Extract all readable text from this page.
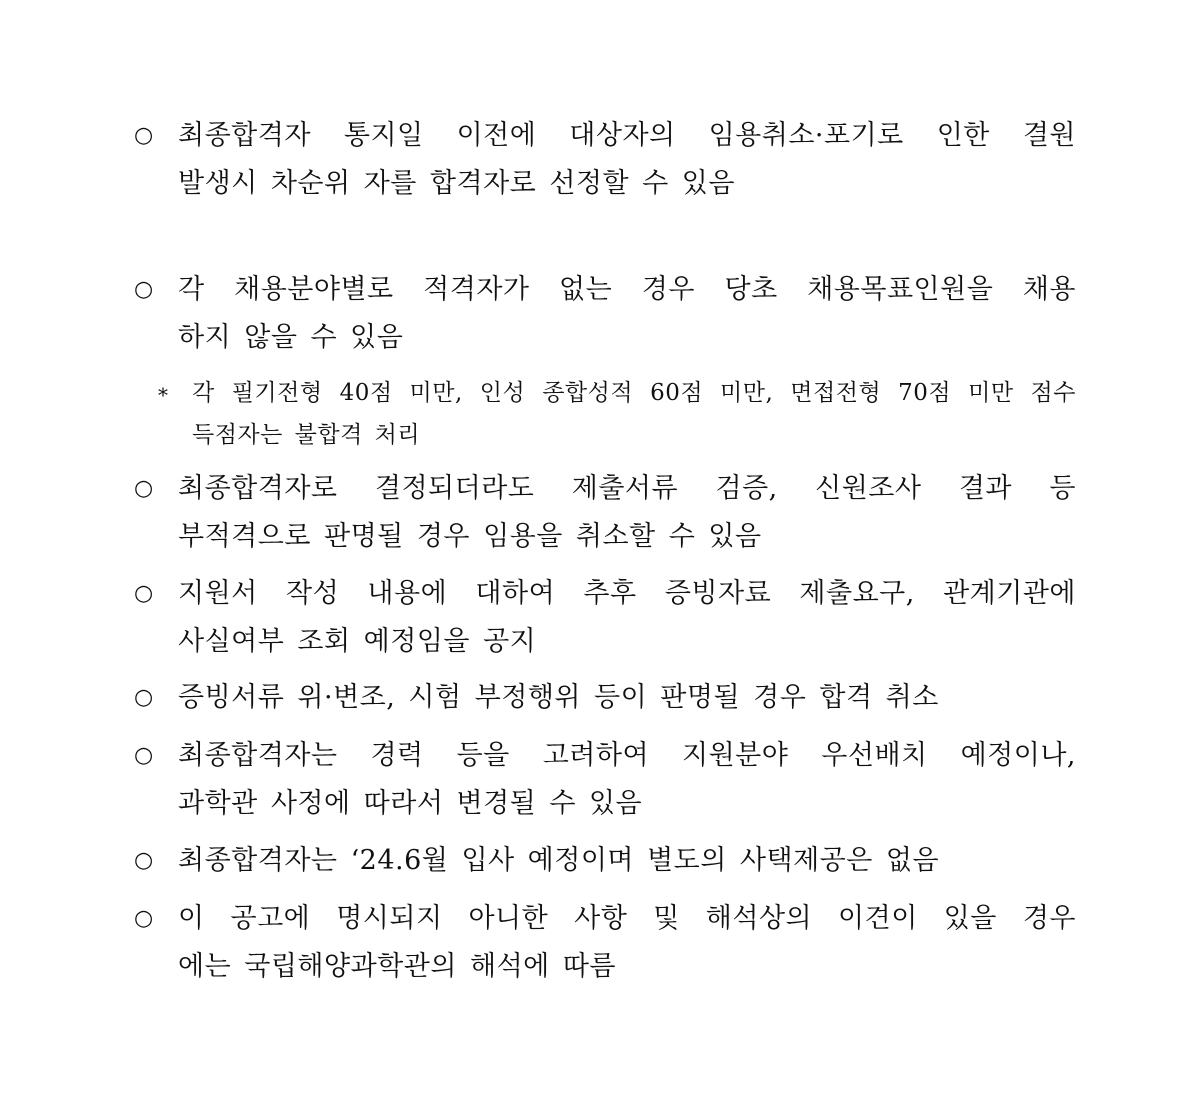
○ 최종합격자 통지일 이전에 대상자의 임용취소·포기로 인한 결원
발생시 차순위 자를 합격자로 선정할 수 있음
○ 각 채용분야별로 적격자가 없는 경우 당초 채용목표인원을 채용
하지 않을 수 있음
* 각 필기전형 40점 미만, 인성 종합성적 60점 미만, 면접전형 70점 미만 점수
득점자는 불합격 처리
○ 최종합격자로 결정되더라도 제출서류 검증, 신원조사 결과 등
부적격으로 판명될 경우 임용을 취소할 수 있음
○ 지원서 작성 내용에 대하여 추후 증빙자료 제출요구, 관계기관에
사실여부 조회 예정임을 공지
○ 증빙서류 위·변조, 시험 부정행위 등이 판명될 경우 합격 취소
○ 최종합격자는 경력 등을 고려하여 지원분야 우선배치 예정이나,
과학관 사정에 따라서 변경될 수 있음
○ 최종합격자는 ‘24.6월 입사 예정이며 별도의 사택제공은 없음
○ 이 공고에 명시되지 아니한 사항 및 해석상의 이견이 있을 경우
에는 국립해양과학관의 해석에 따름
